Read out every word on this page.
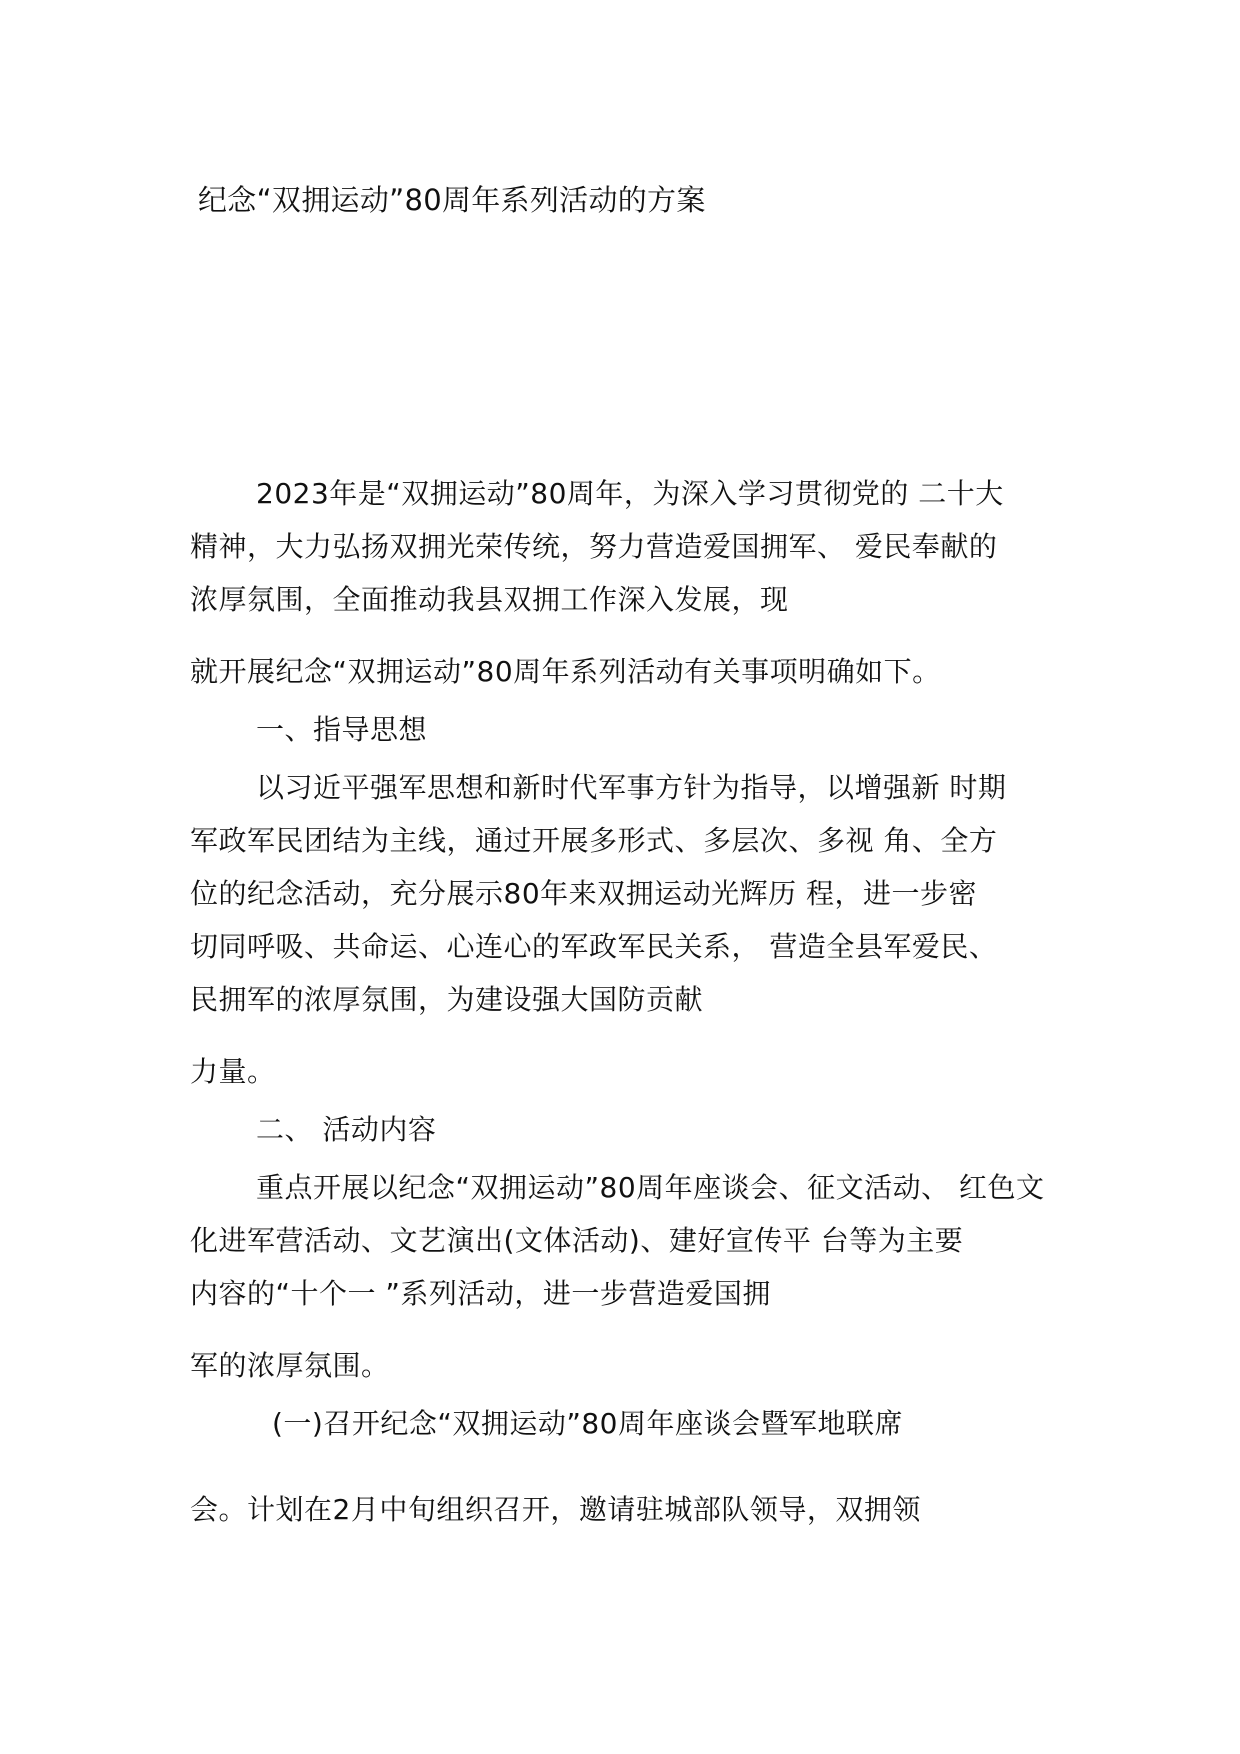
纪念“双拥运动”80周年系列活动的方案
2023年是“双拥运动”80周年，为深入学习贯彻党的 二十大
精神，大力弘扬双拥光荣传统，努力营造爱国拥军、 爱民奉献的
浓厚氛围，全面推动我县双拥工作深入发展，现
就开展纪念“双拥运动”80周年系列活动有关事项明确如下。
一、指导思想
以习近平强军思想和新时代军事方针为指导，以增强新 时期
军政军民团结为主线，通过开展多形式、多层次、多视 角、全方
位的纪念活动，充分展示80年来双拥运动光辉历 程，进一步密
切同呼吸、共命运、心连心的军政军民关系， 营造全县军爱民、
民拥军的浓厚氛围，为建设强大国防贡献
力量。
二、 活动内容
重点开展以纪念“双拥运动”80周年座谈会、征文活动、 红色文
化进军营活动、文艺演出(文体活动)、建好宣传平 台等为主要
内容的“十个一 ”系列活动，进一步营造爱国拥
军的浓厚氛围。
(一)召开纪念“双拥运动”80周年座谈会暨军地联席
会。计划在2月中旬组织召开，邀请驻城部队领导，双拥领
